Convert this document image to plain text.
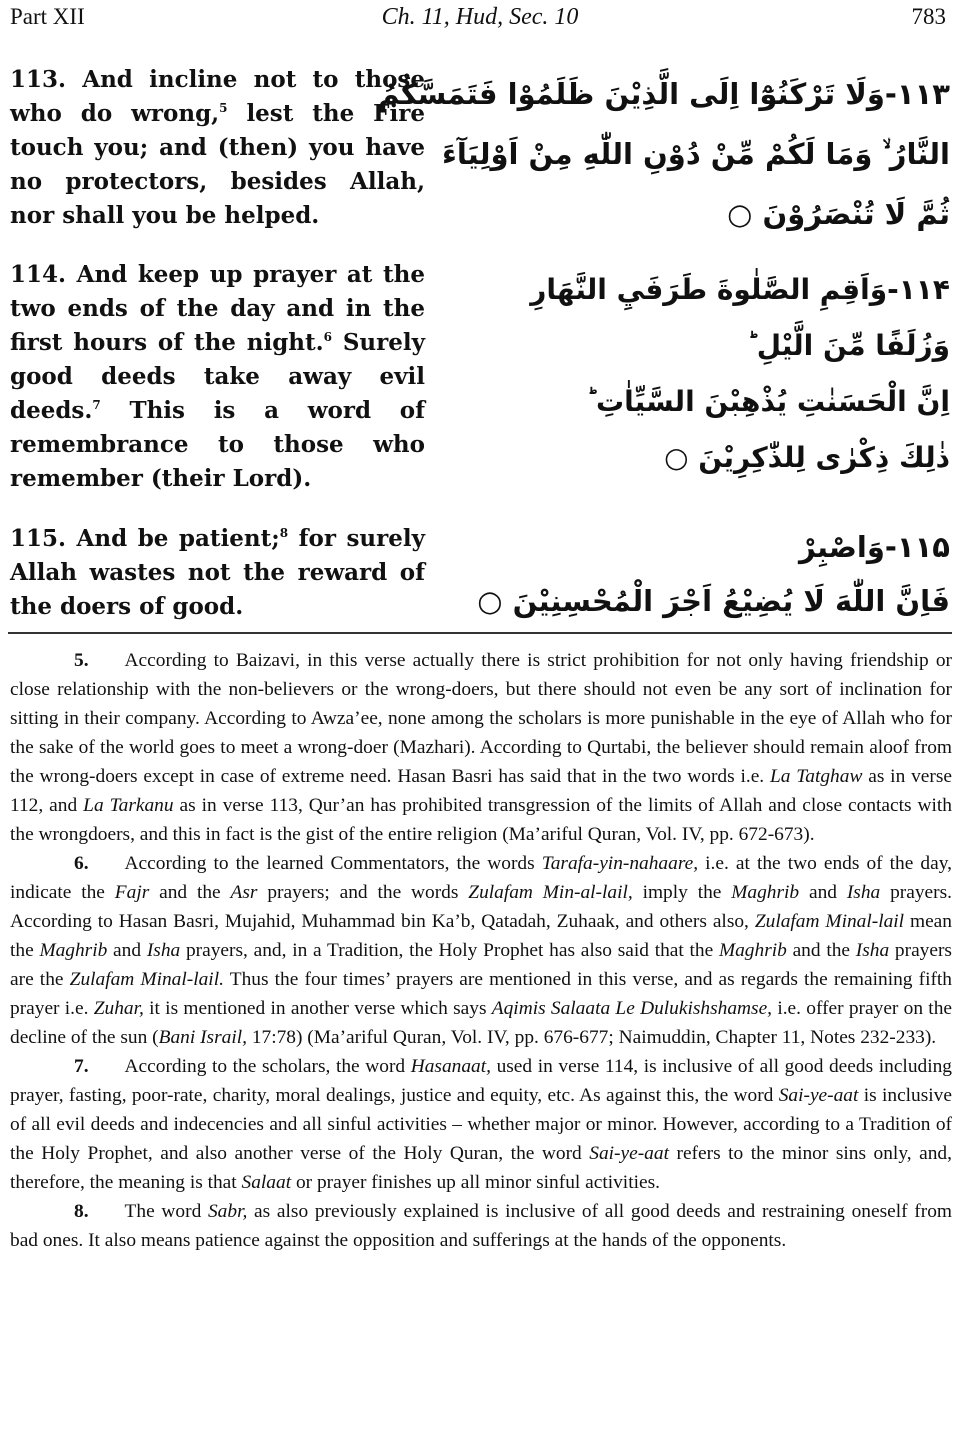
Part XII	Ch. 11, Hud, Sec. 10	783
113. And incline not to those
who do wrong,$^5$ lest the Fire
touch you; and (then) you have
no protectors, besides Allah,
nor shall you be helped.
۱۱۳-وَلَا تَرْكَنُوْٓا اِلَى الَّذِيْنَ ظَلَمُوْا فَتَمَسَّكُمُ
النَّارُ ۙ وَمَا لَكُمْ مِّنْ دُوْنِ اللّٰهِ مِنْ اَوْلِيَآءَ
ثُمَّ لَا تُنْصَرُوْنَ ○
114. And keep up prayer at the
two ends of the day and in the
first hours of the night.$^6$ Surely
good deeds take away evil
deeds.$^7$ This is a word of
remembrance to those who
remember (their Lord).
۱۱۴-وَاَقِمِ الصَّلٰوةَ طَرَفَيِ النَّهَارِ
وَزُلَفًا مِّنَ الَّيْلِ ؕ
اِنَّ الْحَسَنٰتِ يُذْهِبْنَ السَّيِّاٰتِ ؕ
ذٰلِكَ ذِكْرٰى لِلذّٰكِرِيْنَ ○
115. And be patient;$^8$ for surely
Allah wastes not the reward of
the doers of good.
۱۱۵-وَاصْبِرْ
فَاِنَّ اللّٰهَ لَا يُضِيْعُ اَجْرَ الْمُحْسِنِيْنَ ○

5. According to Baizavi, in this verse actually there is strict prohibition for not only having friendship or close relationship with the non-believers or the wrong-doers, but there should not even be any sort of inclination for sitting in their company. According to Awza’ee, none among the scholars is more punishable in the eye of Allah who for the sake of the world goes to meet a wrong-doer (Mazhari). According to Qurtabi, the believer should remain aloof from the wrong-doers except in case of extreme need. Hasan Basri has said that in the two words i.e. La Tatghaw as in verse 112, and La Tarkanu as in verse 113, Qur’an has prohibited transgression of the limits of Allah and close contacts with the wrongdoers, and this in fact is the gist of the entire religion (Ma’ariful Quran, Vol. IV, pp. 672-673).

6. According to the learned Commentators, the words Tarafa-yin-nahaare, i.e. at the two ends of the day, indicate the Fajr and the Asr prayers; and the words Zulafam Min-al-lail, imply the Maghrib and Isha prayers. According to Hasan Basri, Mujahid, Muhammad bin Ka’b, Qatadah, Zuhaak, and others also, Zulafam Minal-lail mean the Maghrib and Isha prayers, and, in a Tradition, the Holy Prophet has also said that the Maghrib and the Isha prayers are the Zulafam Minal-lail. Thus the four times’ prayers are mentioned in this verse, and as regards the remaining fifth prayer i.e. Zuhar, it is mentioned in another verse which says Aqimis Salaata Le Dulukishshamse, i.e. offer prayer on the decline of the sun (Bani Israil, 17:78) (Ma’ariful Quran, Vol. IV, pp. 676-677; Naimuddin, Chapter 11, Notes 232-233).

7. According to the scholars, the word Hasanaat, used in verse 114, is inclusive of all good deeds including prayer, fasting, poor-rate, charity, moral dealings, justice and equity, etc. As against this, the word Sai-ye-aat is inclusive of all evil deeds and indecencies and all sinful activities – whether major or minor. However, according to a Tradition of the Holy Prophet, and also another verse of the Holy Quran, the word Sai-ye-aat refers to the minor sins only, and, therefore, the meaning is that Salaat or prayer finishes up all minor sinful activities.

8. The word Sabr, as also previously explained is inclusive of all good deeds and restraining oneself from bad ones. It also means patience against the opposition and sufferings at the hands of the opponents.
